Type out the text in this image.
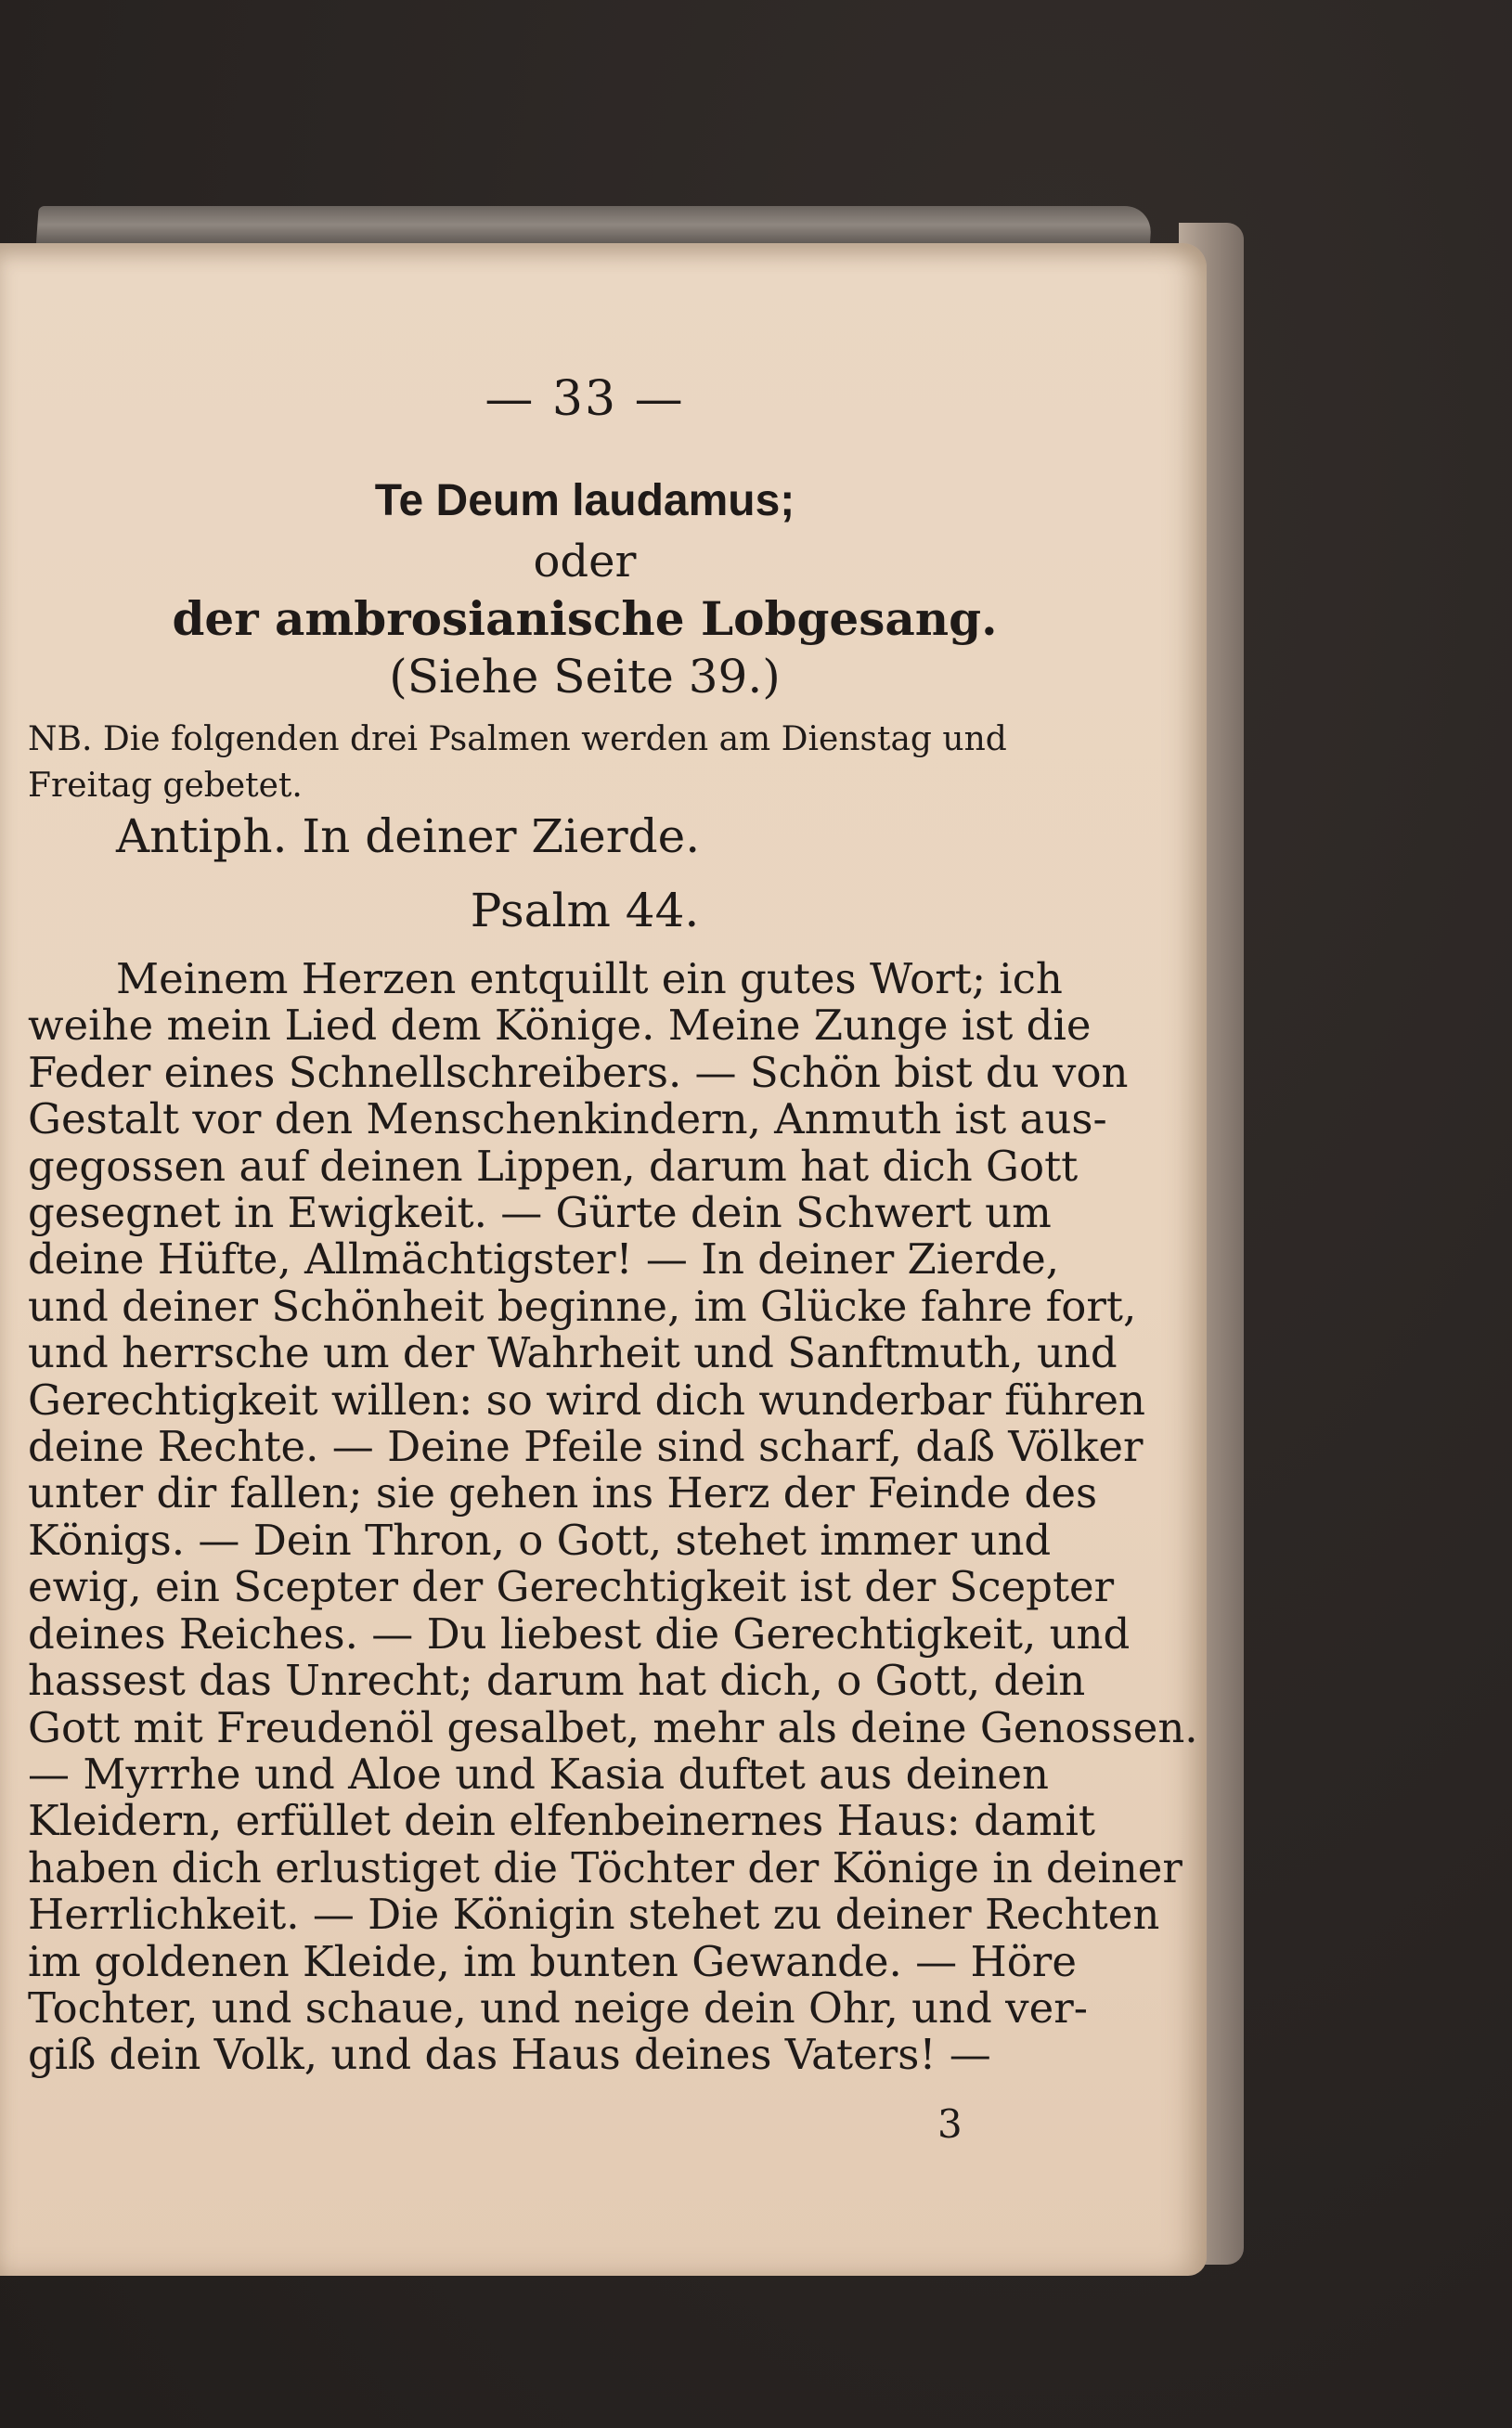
— 33 —
Te Deum laudamus;
oder
der ambrosianische Lobgesang.
(Siehe Seite 39.)
NB. Die folgenden drei Psalmen werden am Dienstag und Freitag gebetet.
Antiph. In deiner Zierde.
Psalm 44.
Meinem Herzen entquillt ein gutes Wort; ich
weihe mein Lied dem Könige. Meine Zunge ist die
Feder eines Schnellschreibers. — Schön bist du von
Gestalt vor den Menschenkindern, Anmuth ist aus-
gegossen auf deinen Lippen, darum hat dich Gott
gesegnet in Ewigkeit. — Gürte dein Schwert um
deine Hüfte, Allmächtigster! — In deiner Zierde,
und deiner Schönheit beginne, im Glücke fahre fort,
und herrsche um der Wahrheit und Sanftmuth, und
Gerechtigkeit willen: so wird dich wunderbar führen
deine Rechte. — Deine Pfeile sind scharf, daß Völker
unter dir fallen; sie gehen ins Herz der Feinde des
Königs. — Dein Thron, o Gott, stehet immer und
ewig, ein Scepter der Gerechtigkeit ist der Scepter
deines Reiches. — Du liebest die Gerechtigkeit, und
hassest das Unrecht; darum hat dich, o Gott, dein
Gott mit Freudenöl gesalbet, mehr als deine Genossen.
— Myrrhe und Aloe und Kasia duftet aus deinen
Kleidern, erfüllet dein elfenbeinernes Haus: damit
haben dich erlustiget die Töchter der Könige in deiner
Herrlichkeit. — Die Königin stehet zu deiner Rechten
im goldenen Kleide, im bunten Gewande. — Höre
Tochter, und schaue, und neige dein Ohr, und ver-
giß dein Volk, und das Haus deines Vaters! —
3
